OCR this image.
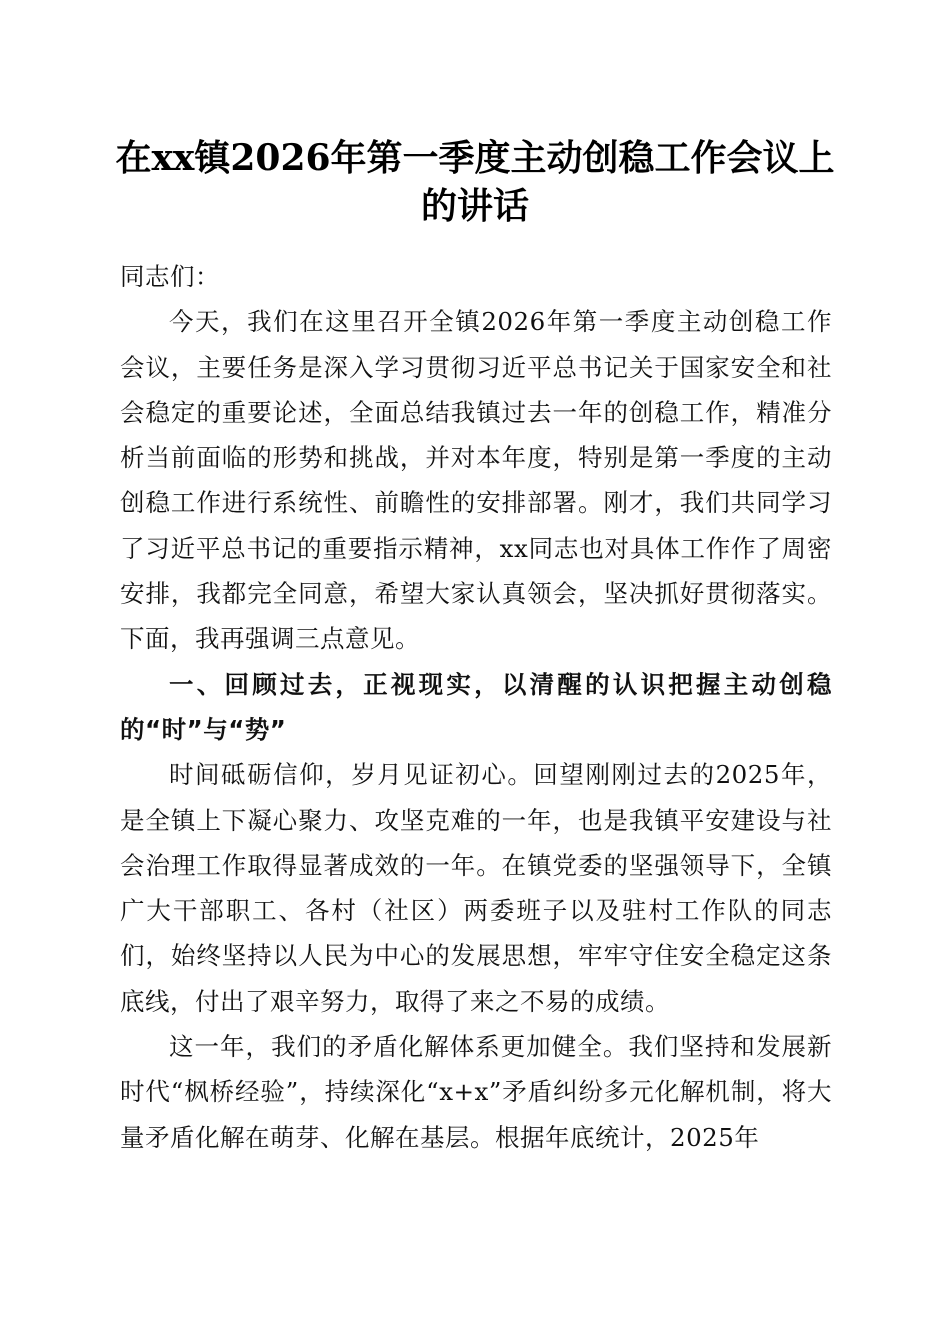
在xx镇2026年第一季度主动创稳工作会议上的讲话

同志们：

今天，我们在这里召开全镇2026年第一季度主动创稳工作会议，主要任务是深入学习贯彻习近平总书记关于国家安全和社会稳定的重要论述，全面总结我镇过去一年的创稳工作，精准分析当前面临的形势和挑战，并对本年度，特别是第一季度的主动创稳工作进行系统性、前瞻性的安排部署。刚才，我们共同学习了习近平总书记的重要指示精神，xx同志也对具体工作作了周密安排，我都完全同意，希望大家认真领会，坚决抓好贯彻落实。下面，我再强调三点意见。

一、回顾过去，正视现实，以清醒的认识把握主动创稳的“时”与“势”

时间砥砺信仰，岁月见证初心。回望刚刚过去的2025年，是全镇上下凝心聚力、攻坚克难的一年，也是我镇平安建设与社会治理工作取得显著成效的一年。在镇党委的坚强领导下，全镇广大干部职工、各村（社区）两委班子以及驻村工作队的同志们，始终坚持以人民为中心的发展思想，牢牢守住安全稳定这条底线，付出了艰辛努力，取得了来之不易的成绩。

这一年，我们的矛盾化解体系更加健全。我们坚持和发展新时代“枫桥经验”，持续深化“x+x”矛盾纠纷多元化解机制，将大量矛盾化解在萌芽、化解在基层。根据年底统计，2025年
